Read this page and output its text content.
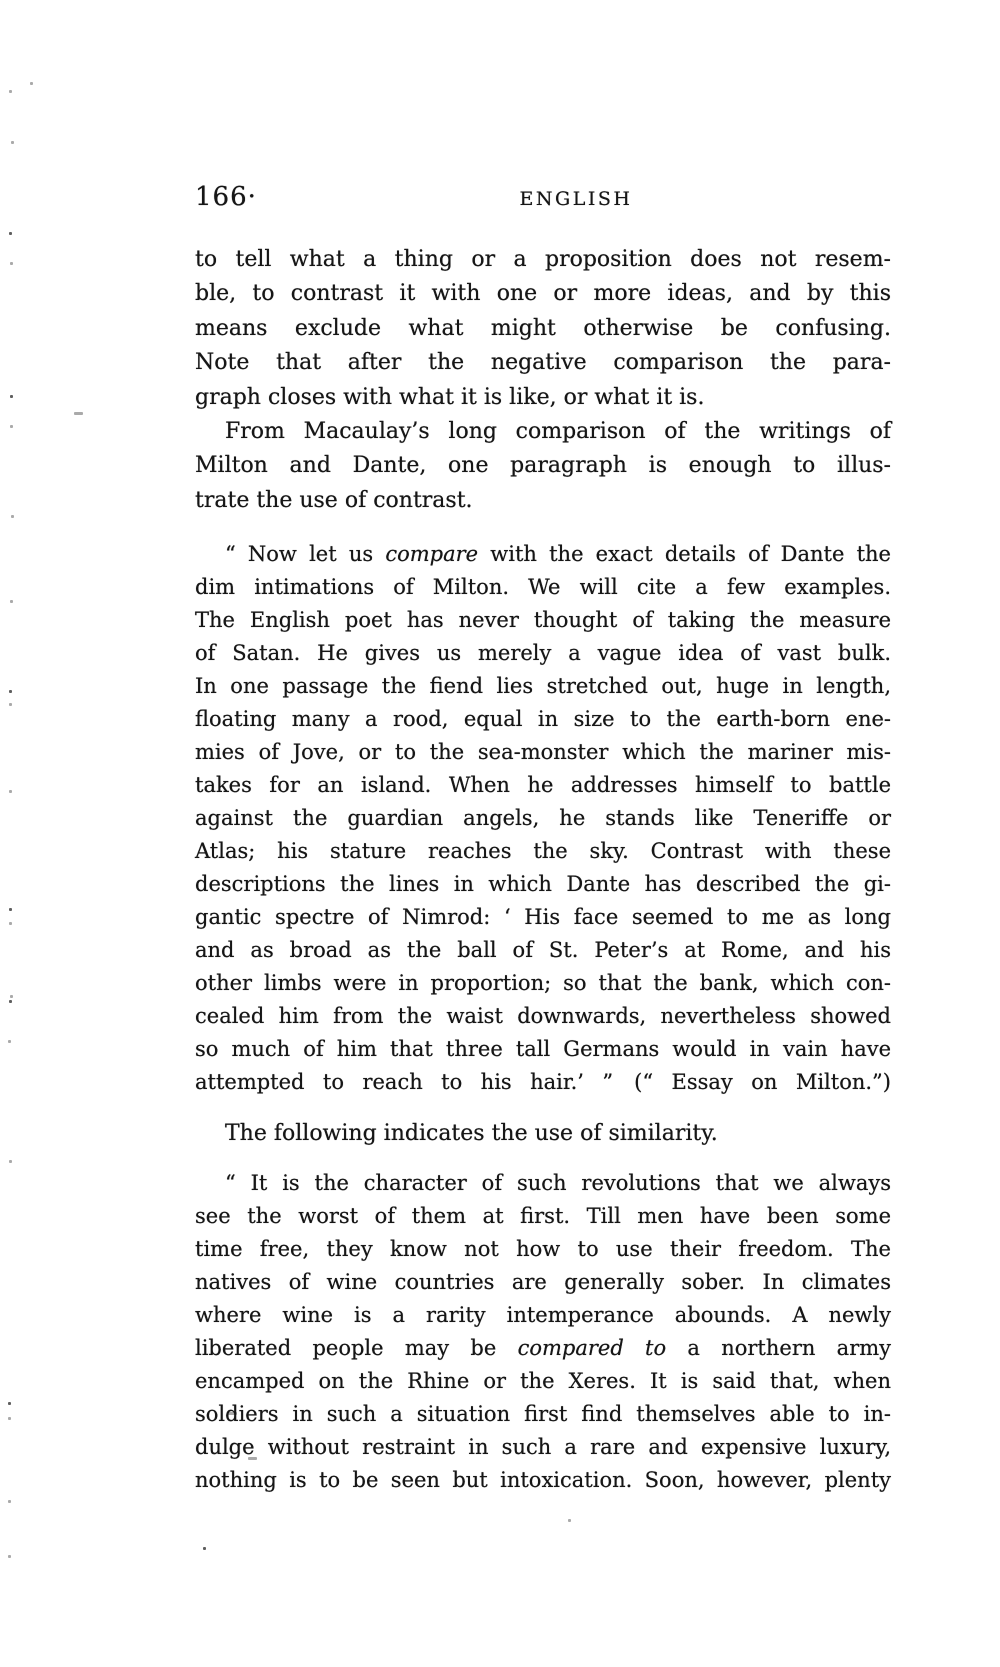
166·	ENGLISH
to tell what a thing or a proposition does not resem-
ble, to contrast it with one or more ideas, and by this
means exclude what might otherwise be confusing.
Note that after the negative comparison the para-
graph closes with what it is like, or what it is.
From Macaulay’s long comparison of the writings of
Milton and Dante, one paragraph is enough to illus-
trate the use of contrast.
“ Now let us compare with the exact details of Dante the
dim intimations of Milton. We will cite a few examples.
The English poet has never thought of taking the measure
of Satan. He gives us merely a vague idea of vast bulk.
In one passage the fiend lies stretched out, huge in length,
floating many a rood, equal in size to the earth-born ene-
mies of Jove, or to the sea-monster which the mariner mis-
takes for an island. When he addresses himself to battle
against the guardian angels, he stands like Teneriffe or
Atlas; his stature reaches the sky. Contrast with these
descriptions the lines in which Dante has described the gi-
gantic spectre of Nimrod: ‘ His face seemed to me as long
and as broad as the ball of St. Peter’s at Rome, and his
other limbs were in proportion; so that the bank, which con-
cealed him from the waist downwards, nevertheless showed
so much of him that three tall Germans would in vain have
attempted to reach to his hair.’ ” (“ Essay on Milton.”)
The following indicates the use of similarity.
“ It is the character of such revolutions that we always
see the worst of them at first. Till men have been some
time free, they know not how to use their freedom. The
natives of wine countries are generally sober. In climates
where wine is a rarity intemperance abounds. A newly
liberated people may be compared to a northern army
encamped on the Rhine or the Xeres. It is said that, when
soldiers in such a situation first find themselves able to in-
dulge without restraint in such a rare and expensive luxury,
nothing is to be seen but intoxication. Soon, however, plenty
